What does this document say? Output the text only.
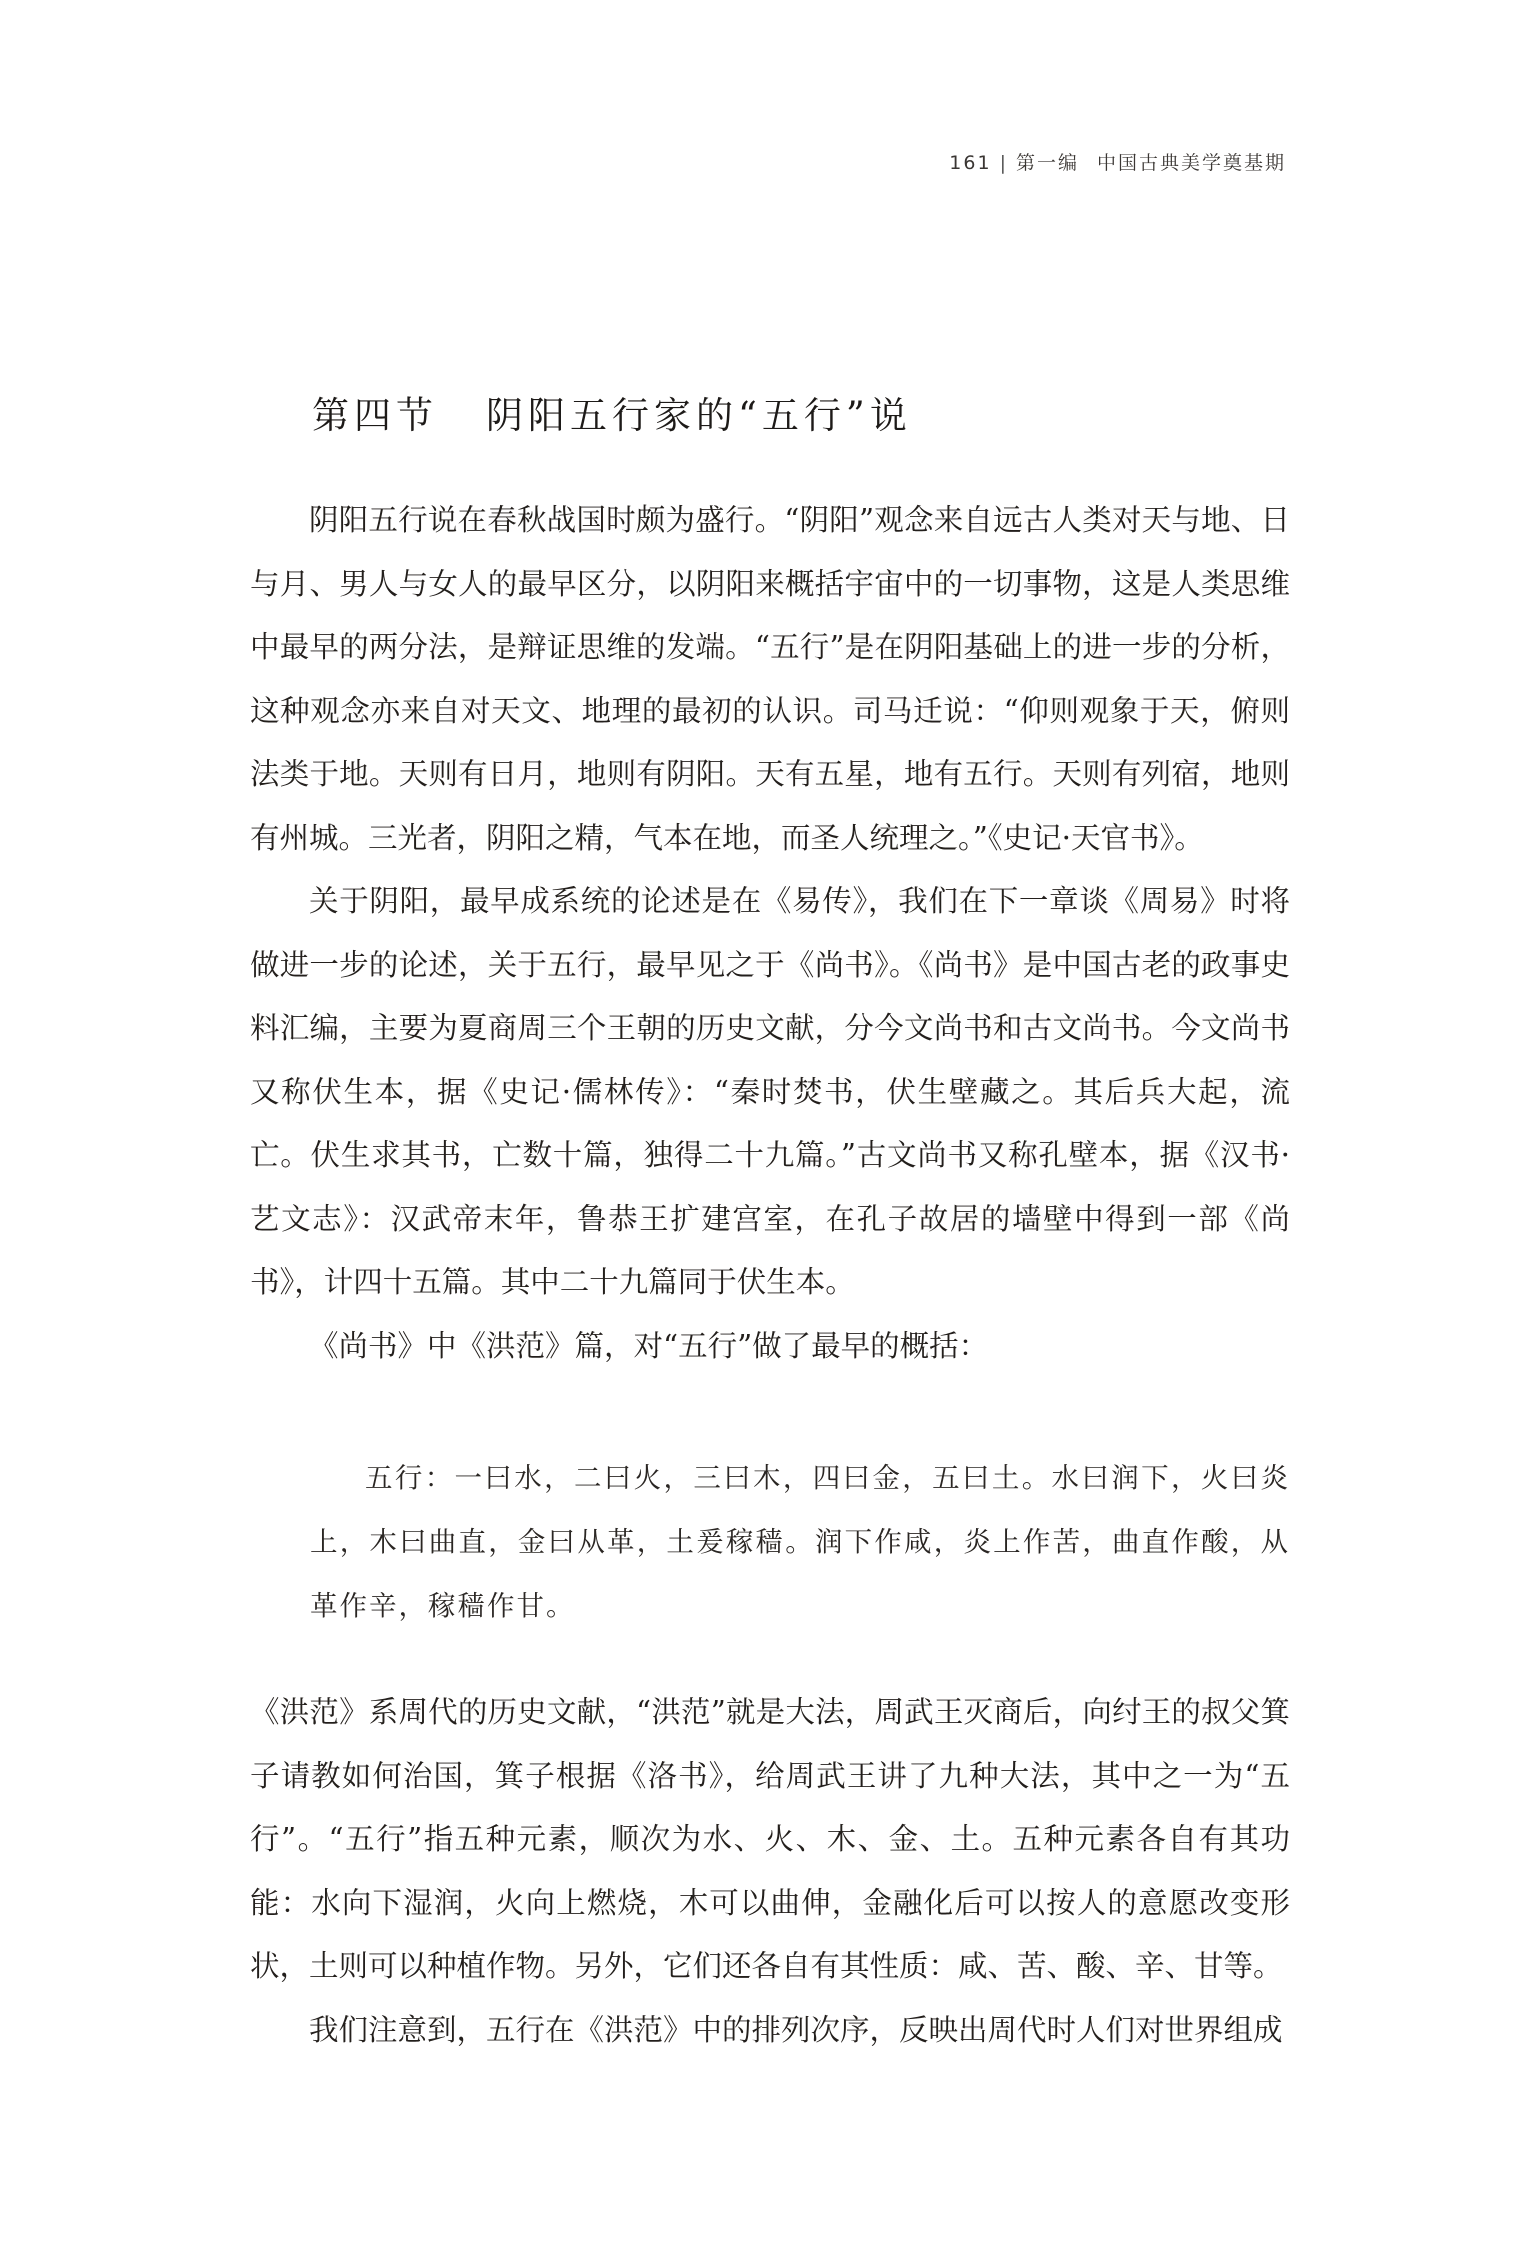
161 | 第一编 中国古典美学奠基期
第四节 阴阳五行家的“五行”说

阴阳五行说在春秋战国时颇为盛行。“阴阳”观念来自远古人类对天与地、日与月、男人与女人的最早区分，以阴阳来概括宇宙中的一切事物，这是人类思维中最早的两分法，是辩证思维的发端。“五行”是在阴阳基础上的进一步的分析，这种观念亦来自对天文、地理的最初的认识。司马迁说：“仰则观象于天，俯则法类于地。天则有日月，地则有阴阳。天有五星，地有五行。天则有列宿，地则有州城。三光者，阴阳之精，气本在地，而圣人统理之。”《史记·天官书》。

关于阴阳，最早成系统的论述是在《易传》，我们在下一章谈《周易》时将做进一步的论述，关于五行，最早见之于《尚书》。《尚书》是中国古老的政事史料汇编，主要为夏商周三个王朝的历史文献，分今文尚书和古文尚书。今文尚书又称伏生本，据《史记·儒林传》：“秦时焚书，伏生壁藏之。其后兵大起，流亡。伏生求其书，亡数十篇，独得二十九篇。”古文尚书又称孔壁本，据《汉书·艺文志》：汉武帝末年，鲁恭王扩建宫室，在孔子故居的墙壁中得到一部《尚书》，计四十五篇。其中二十九篇同于伏生本。

《尚书》中《洪范》篇，对“五行”做了最早的概括：

五行：一曰水，二曰火，三曰木，四曰金，五曰土。水曰润下，火曰炎上，木曰曲直，金曰从革，土爰稼穑。润下作咸，炎上作苦，曲直作酸，从革作辛，稼穑作甘。

《洪范》系周代的历史文献，“洪范”就是大法，周武王灭商后，向纣王的叔父箕子请教如何治国，箕子根据《洛书》，给周武王讲了九种大法，其中之一为“五行”。“五行”指五种元素，顺次为水、火、木、金、土。五种元素各自有其功能：水向下湿润，火向上燃烧，木可以曲伸，金融化后可以按人的意愿改变形状，土则可以种植作物。另外，它们还各自有其性质：咸、苦、酸、辛、甘等。

我们注意到，五行在《洪范》中的排列次序，反映出周代时人们对世界组成
